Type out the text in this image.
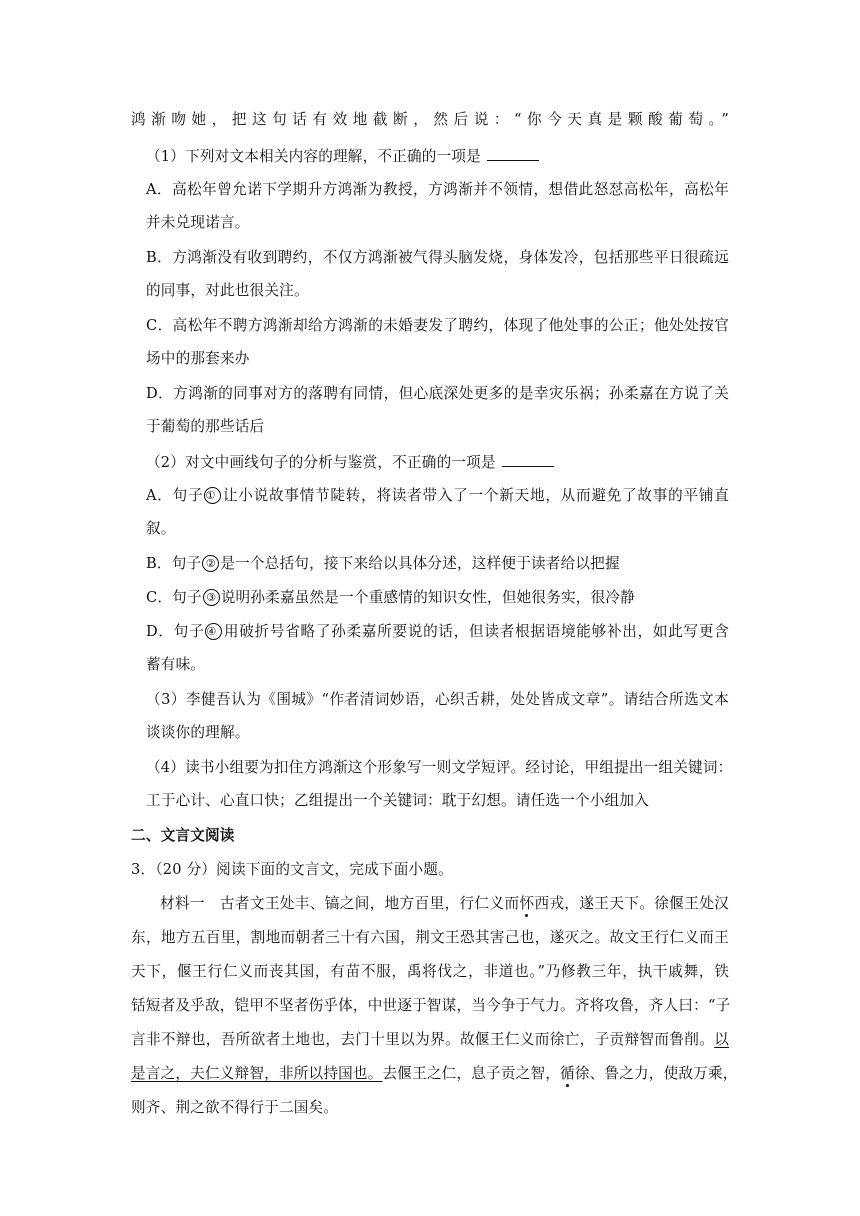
鸿渐吻她，把这句话有效地截断，然后说：“你今天真是颗酸葡萄。”
（1）下列对文本相关内容的理解，不正确的一项是
A．高松年曾允诺下学期升方鸿渐为教授，方鸿渐并不领情，想借此怒怼高松年，高松年
并未兑现诺言。
B．方鸿渐没有收到聘约，不仅方鸿渐被气得头脑发烧，身体发冷，包括那些平日很疏远
的同事，对此也很关注。
C．高松年不聘方鸿渐却给方鸿渐的未婚妻发了聘约，体现了他处事的公正；他处处按官
场中的那套来办
D．方鸿渐的同事对方的落聘有同情，但心底深处更多的是幸灾乐祸；孙柔嘉在方说了关
于葡萄的那些话后
（2）对文中画线句子的分析与鉴赏，不正确的一项是
A．句子 ① 让小说故事情节陡转，将读者带入了一个新天地，从而避免了故事的平铺直
叙。
B．句子 ② 是一个总括句，接下来给以具体分述，这样便于读者给以把握
C．句子 ③ 说明孙柔嘉虽然是一个重感情的知识女性，但她很务实，很冷静
D．句子 ④ 用破折号省略了孙柔嘉所要说的话，但读者根据语境能够补出，如此写更含
蓄有味。
（3）李健吾认为《围城》“作者清词妙语，心织舌耕，处处皆成文章”。请结合所选文本
谈谈你的理解。
（4）读书小组要为扣住方鸿渐这个形象写一则文学短评。经讨论，甲组提出一组关键词：
工于心计、心直口快；乙组提出一个关键词：耽于幻想。请任选一个小组加入
二、文言文阅读
3．（20 分）阅读下面的文言文，完成下面小题。
材料一　古者文王处丰、镐之间，地方百里，行仁义而怀西戎，遂王天下。徐偃王处汉
东，地方五百里，割地而朝者三十有六国，荆文王恐其害己也，遂灭之。故文王行仁义而王
天下，偃王行仁义而丧其国，有苗不服，禹将伐之，非道也。”乃修教三年，执干戚舞，铁
铦短者及乎敌，铠甲不坚者伤乎体，中世逐于智谋，当今争于气力。齐将攻鲁，齐人曰：“子
言非不辩也，吾所欲者土地也，去门十里以为界。故偃王仁义而徐亡，子贡辩智而鲁削。以
是言之，夫仁义辩智，非所以持国也。去偃王之仁，息子贡之智，循徐、鲁之力，使敌万乘，
则齐、荆之欲不得行于二国矣。
